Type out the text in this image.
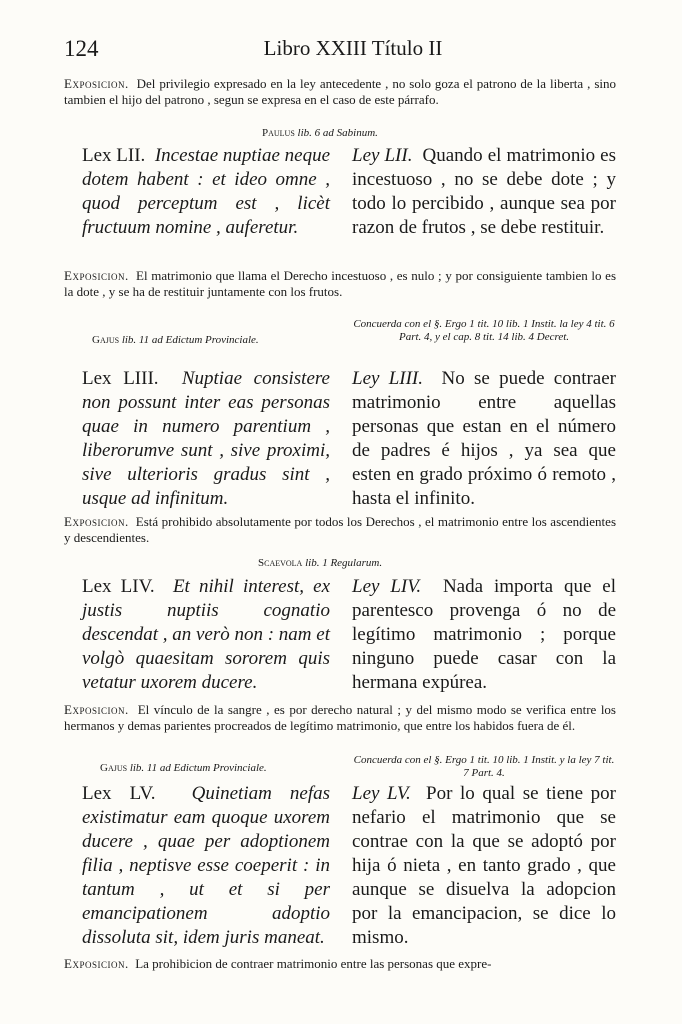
124	Libro XXIII Título II
Exposicion. Del privilegio expresado en la ley antecedente , no solo goza el patrono de la liberta , sino tambien el hijo del patrono , segun se expresa en el caso de este párrafo.
Paulus lib. 6 ad Sabinum.
Lex LII. Incestae nuptiae neque dotem habent : et ideo omne , quod perceptum est , licèt fructuum nomine , auferetur.
Ley LII. Quando el matrimonio es incestuoso , no se debe dote ; y todo lo percibido , aunque sea por razon de frutos , se debe restituir.
Exposicion. El matrimonio que llama el Derecho incestuoso , es nulo ; y por consiguiente tambien lo es la dote , y se ha de restituir juntamente con los frutos.
Gajus lib. 11 ad Edictum Provinciale.
Concuerda con el §. Ergo 1 tit. 10 lib. 1 Instit. la ley 4 tit. 6 Part. 4, y el cap. 8 tit. 14 lib. 4 Decret.
Lex LIII. Nuptiae consistere non possunt inter eas personas quae in numero parentium , liberorumve sunt , sive proximi, sive ulterioris gradus sint , usque ad infinitum.
Ley LIII. No se puede contraer matrimonio entre aquellas personas que estan en el número de padres é hijos , ya sea que esten en grado próximo ó remoto , hasta el infinito.
Exposicion. Está prohibido absolutamente por todos los Derechos , el matrimonio entre los ascendientes y descendientes.
Scaevola lib. 1 Regularum.
Lex LIV. Et nihil interest, ex justis nuptiis cognatio descendat , an verò non : nam et volgò quaesitam sororem quis vetatur uxorem ducere.
Ley LIV. Nada importa que el parentesco provenga ó no de legítimo matrimonio ; porque ninguno puede casar con la hermana expúrea.
Exposicion. El vínculo de la sangre , es por derecho natural ; y del mismo modo se verifica entre los hermanos y demas parientes procreados de legítimo matrimonio, que entre los habidos fuera de él.
Gajus lib. 11 ad Edictum Provinciale.
Concuerda con el §. Ergo 1 tit. 10 lib. 1 Instit. y la ley 7 tit. 7 Part. 4.
Lex LV. Quinetiam nefas existimatur eam quoque uxorem ducere , quae per adoptionem filia , neptisve esse coeperit : in tantum , ut et si per emancipationem adoptio dissoluta sit, idem juris maneat.
Ley LV. Por lo qual se tiene por nefario el matrimonio que se contrae con la que se adoptó por hija ó nieta , en tanto grado , que aunque se disuelva la adopcion por la emancipacion, se dice lo mismo.
Exposicion. La prohibicion de contraer matrimonio entre las personas que expre-
